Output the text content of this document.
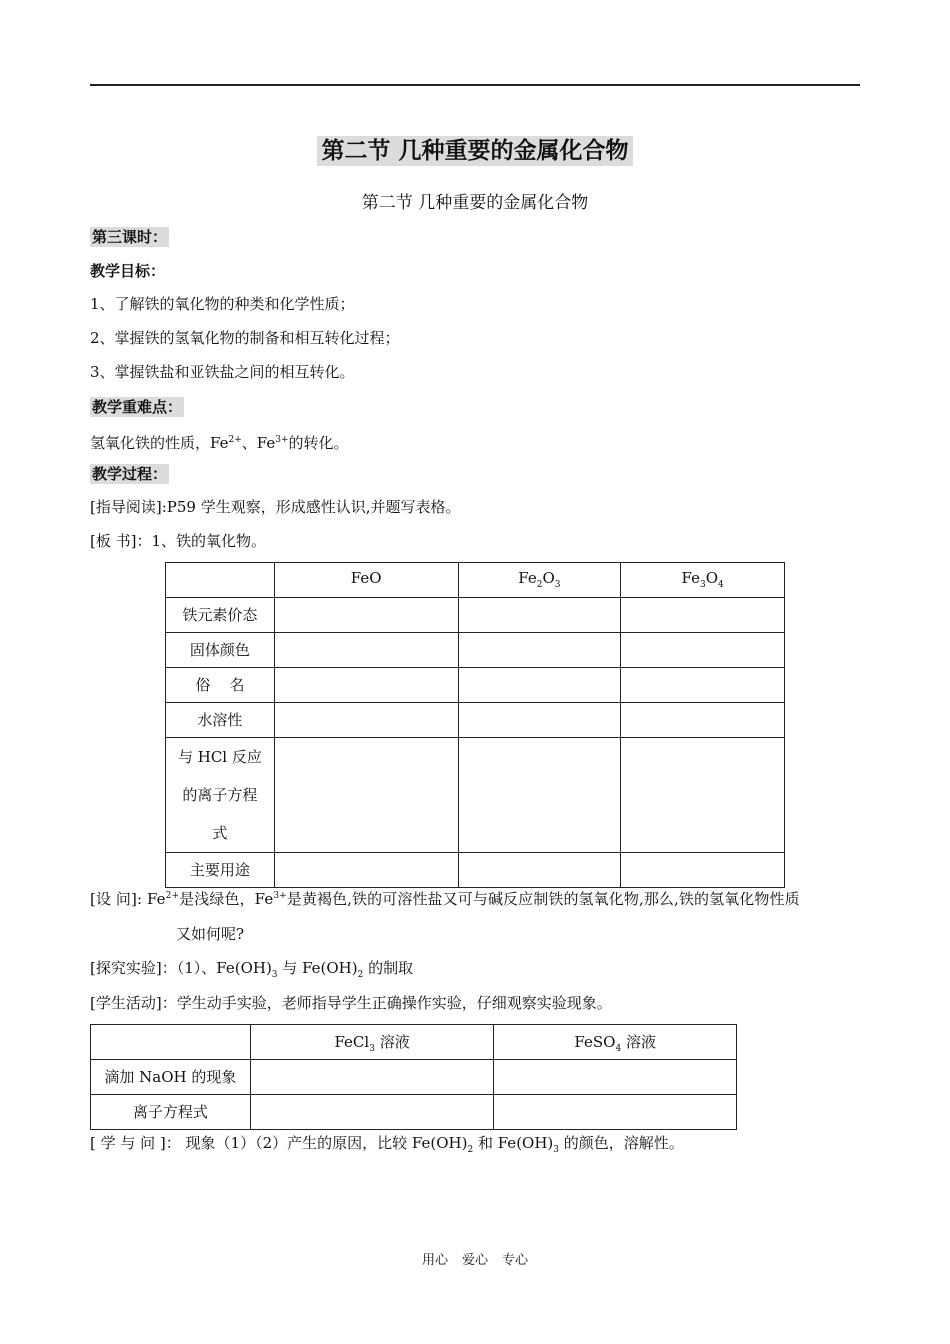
第二节 几种重要的金属化合物
第二节 几种重要的金属化合物
第三课时：
教学目标：
1、了解铁的氧化物的种类和化学性质；
2、掌握铁的氢氧化物的制备和相互转化过程；
3、掌握铁盐和亚铁盐之间的相互转化。
教学重难点：
氢氧化铁的性质，$Fe^{2+}$、$Fe^{3+}$的转化。
教学过程：
[指导阅读]:P59 学生观察，形成感性认识,并题写表格。
[板 书]：1、铁的氧化物。
	FeO	$Fe_2O_3$	$Fe_3O_4$
铁元素价态			
固体颜色			
俗    名			
水溶性			
与 HCl 反应的离子方程式			
主要用途			
[设 问]: $Fe^{2+}$是浅绿色，$Fe^{3+}$是黄褐色,铁的可溶性盐又可与碱反应制铁的氢氧化物,那么,铁的氢氧化物性质
又如何呢?
[探究实验]：（1）、$Fe(OH)_3$ 与 $Fe(OH)_2$ 的制取
[学生活动]：学生动手实验，老师指导学生正确操作实验，仔细观察实验现象。
	FeCl$_3$ 溶液	FeSO$_4$ 溶液
滴加 NaOH 的现象		
离子方程式		
[ 学 与 问 ]： 现象（1）（2）产生的原因，比较 $Fe(OH)_2$ 和 $Fe(OH)_3$ 的颜色，溶解性。
用心 爱心 专心
